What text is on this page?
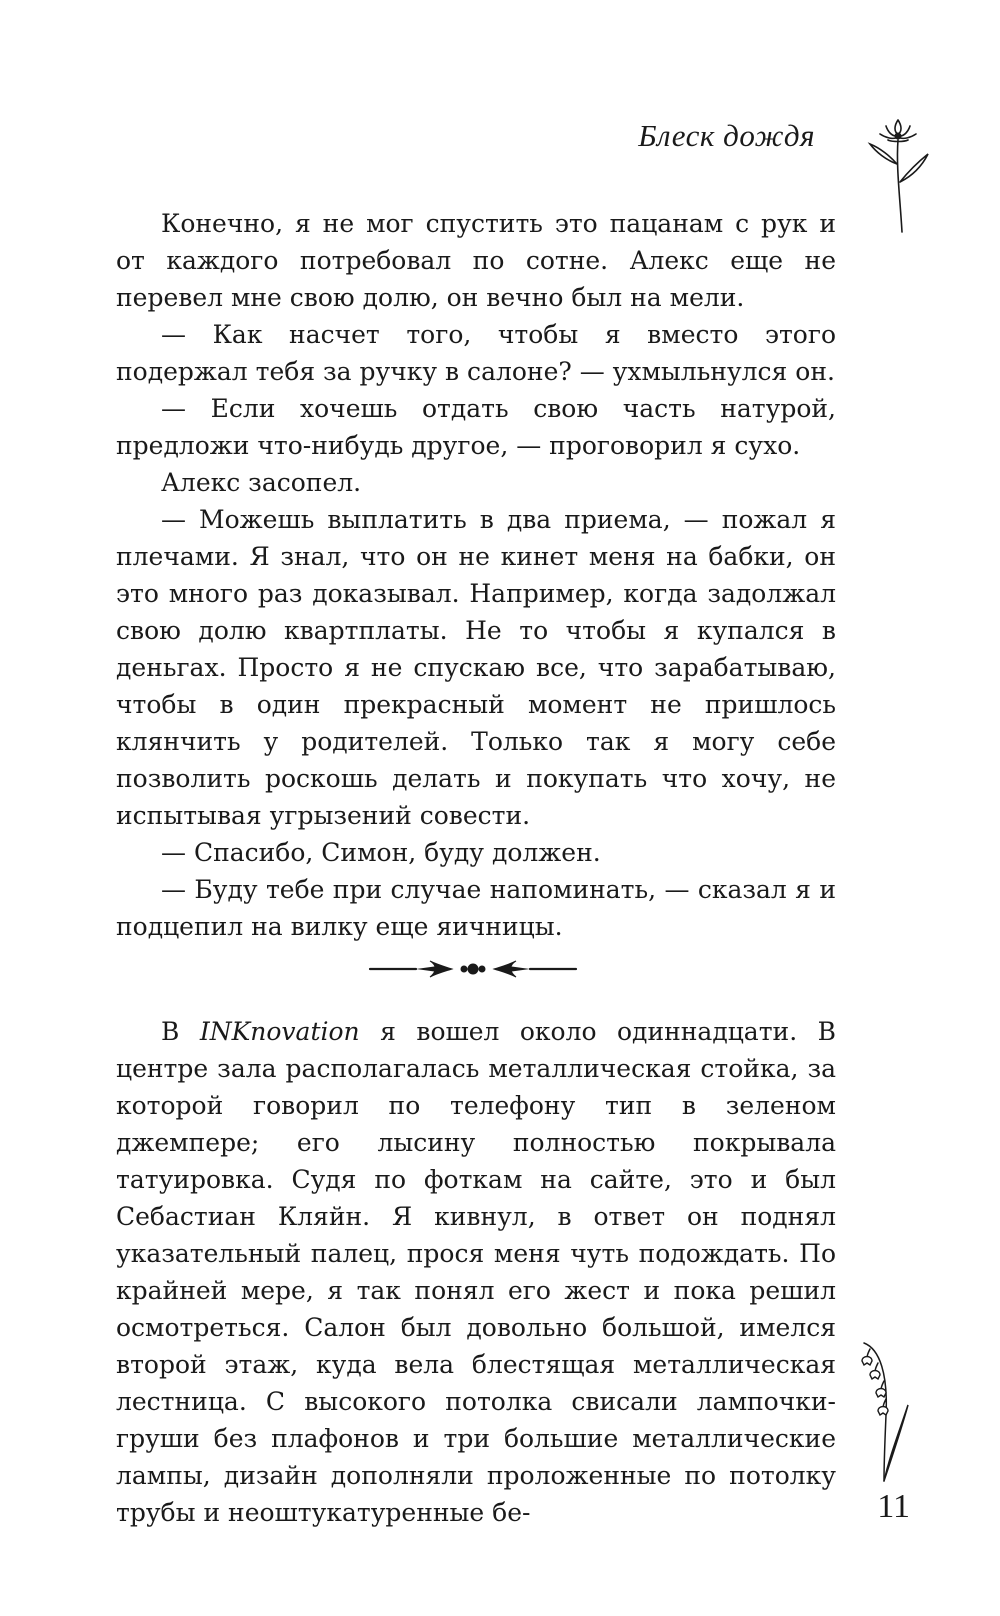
Блеск дождя

Конечно, я не мог спустить это пацанам с рук и от каждого потребовал по сотне. Алекс еще не перевел мне свою долю, он вечно был на мели.

— Как насчет того, чтобы я вместо этого подержал тебя за ручку в салоне? — ухмыльнулся он.

— Если хочешь отдать свою часть натурой, предложи что-нибудь другое, — проговорил я сухо.

Алекс засопел.

— Можешь выплатить в два приема, — пожал я плечами. Я знал, что он не кинет меня на бабки, он это много раз доказывал. Например, когда задолжал свою долю квартплаты. Не то чтобы я купался в деньгах. Просто я не спускаю все, что зарабатываю, чтобы в один прекрасный момент не пришлось клянчить у родителей. Только так я могу себе позволить роскошь делать и покупать что хочу, не испытывая угрызений совести.

— Спасибо, Симон, буду должен.

— Буду тебе при случае напоминать, — сказал я и подцепил на вилку еще яичницы.

В INKnovation я вошел около одиннадцати. В центре зала располагалась металлическая стойка, за которой говорил по телефону тип в зеленом джемпере; его лысину полностью покрывала татуировка. Судя по фоткам на сайте, это и был Себастиан Кляйн. Я кивнул, в ответ он поднял указательный палец, прося меня чуть подождать. По крайней мере, я так понял его жест и пока решил осмотреться. Салон был довольно большой, имелся второй этаж, куда вела блестящая металлическая лестница. С высокого потолка свисали лампочки-груши без плафонов и три большие металлические лампы, дизайн дополняли проложенные по потолку трубы и неоштукатуренные бе-	11
